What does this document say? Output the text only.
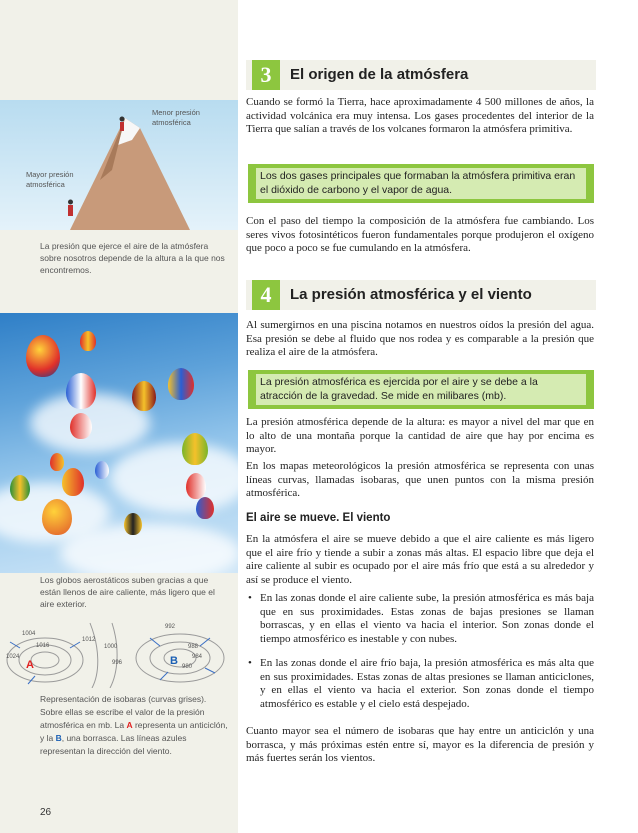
Menor presión atmosférica
Mayor presión atmosférica
La presión que ejerce el aire de la atmósfera sobre nosotros depende de la altura a la que nos encontremos.
Los globos aerostáticos suben gracias a que están llenos de aire caliente, más ligero que el aire exterior.
A	B
1004
1016
1024
1012
1000
996
992
988
984
980
Representación de isobaras (curvas grises). Sobre ellas se escribe el valor de la presión atmosférica en mb. La A representa un anticiclón, y la B, una borrasca. Las líneas azules representan la dirección del viento.
3	El origen de la atmósfera
Cuando se formó la Tierra, hace aproximadamente 4 500 millones de años, la actividad volcánica era muy intensa. Los gases procedentes del interior de la Tierra que salían a través de los volcanes formaron la atmósfera primitiva.
Los dos gases principales que formaban la atmósfera primitiva eran el dióxido de carbono y el vapor de agua.
Con el paso del tiempo la composición de la atmósfera fue cambiando. Los seres vivos fotosintéticos fueron fundamentales porque produjeron el oxígeno que poco a poco se fue cumulando en la atmósfera.
4	La presión atmosférica y el viento
Al sumergirnos en una piscina notamos en nuestros oídos la presión del agua. Esa presión se debe al fluido que nos rodea y es comparable a la presión que realiza el aire de la atmósfera.
La presión atmosférica es ejercida por el aire y se debe a la atracción de la gravedad. Se mide en milibares (mb).
La presión atmosférica depende de la altura: es mayor a nivel del mar que en lo alto de una montaña porque la cantidad de aire que hay por encima es mayor.
En los mapas meteorológicos la presión atmosférica se representa con unas líneas curvas, llamadas isobaras, que unen puntos con la misma presión atmosférica.
El aire se mueve. El viento
En la atmósfera el aire se mueve debido a que el aire caliente es más ligero que el aire frío y tiende a subir a zonas más altas. El espacio libre que deja el aire caliente al subir es ocupado por el aire más frío que está a su alrededor y así se produce el viento.
• En las zonas donde el aire caliente sube, la presión atmosférica es más baja que en sus proximidades. Estas zonas de bajas presiones se llaman borrascas, y en ellas el viento va hacia el interior. Son zonas donde el tiempo atmosférico es inestable y con nubes.
• En las zonas donde el aire frío baja, la presión atmosférica es más alta que en sus proximidades. Estas zonas de altas presiones se llaman anticiclones, y en ellas el viento va hacia el exterior. Son zonas donde el tiempo atmosférico es estable y el cielo está despejado.
Cuanto mayor sea el número de isobaras que hay entre un anticiclón y una borrasca, y más próximas estén entre sí, mayor es la diferencia de presión y más fuertes serán los vientos.
26
